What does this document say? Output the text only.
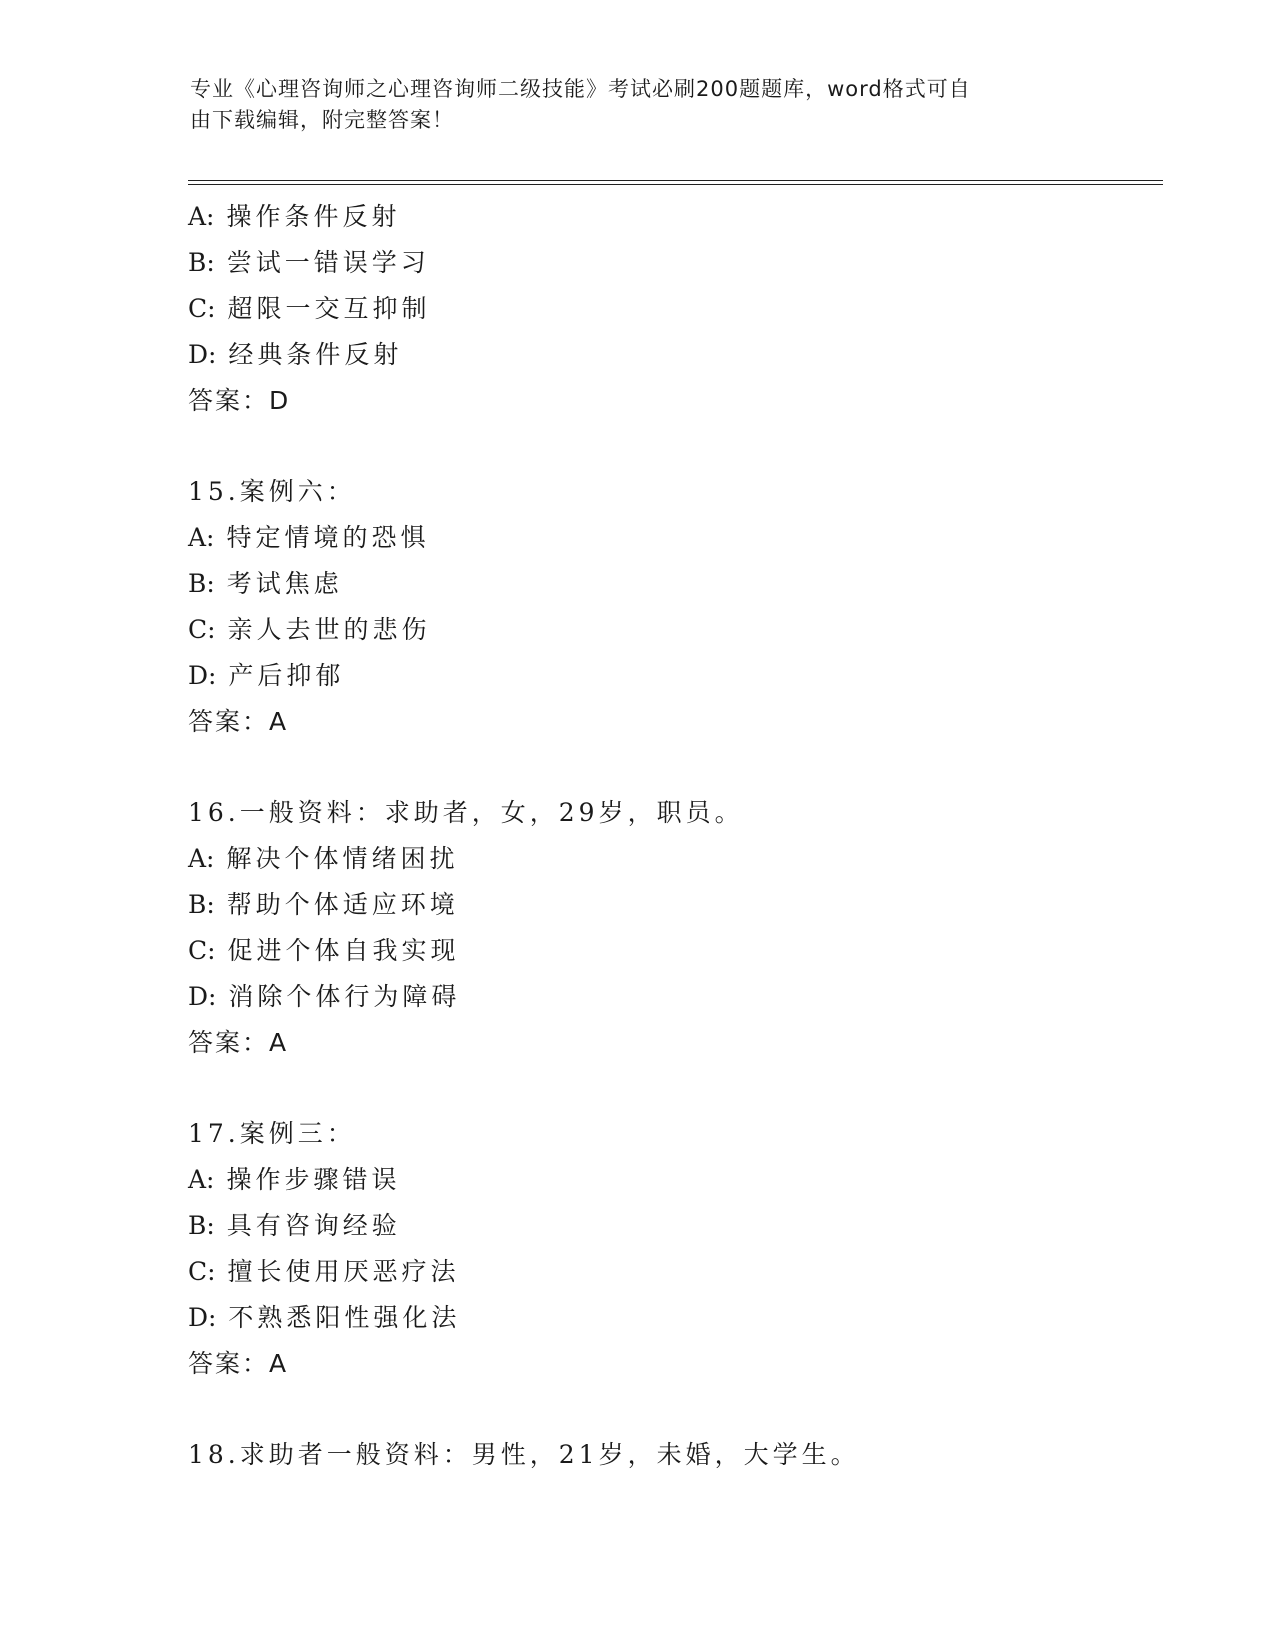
专业《心理咨询师之心理咨询师二级技能》考试必刷200题题库，word格式可自
由下载编辑，附完整答案！
A: 操作条件反射
B: 尝试一错误学习
C: 超限一交互抑制
D: 经典条件反射
答案：D
15.案例六：
A: 特定情境的恐惧
B: 考试焦虑
C: 亲人去世的悲伤
D: 产后抑郁
答案：A
16.一般资料：求助者，女，29岁，职员。
A: 解决个体情绪困扰
B: 帮助个体适应环境
C: 促进个体自我实现
D: 消除个体行为障碍
答案：A
17.案例三：
A: 操作步骤错误
B: 具有咨询经验
C: 擅长使用厌恶疗法
D: 不熟悉阳性强化法
答案：A
18.求助者一般资料：男性，21岁，未婚，大学生。
